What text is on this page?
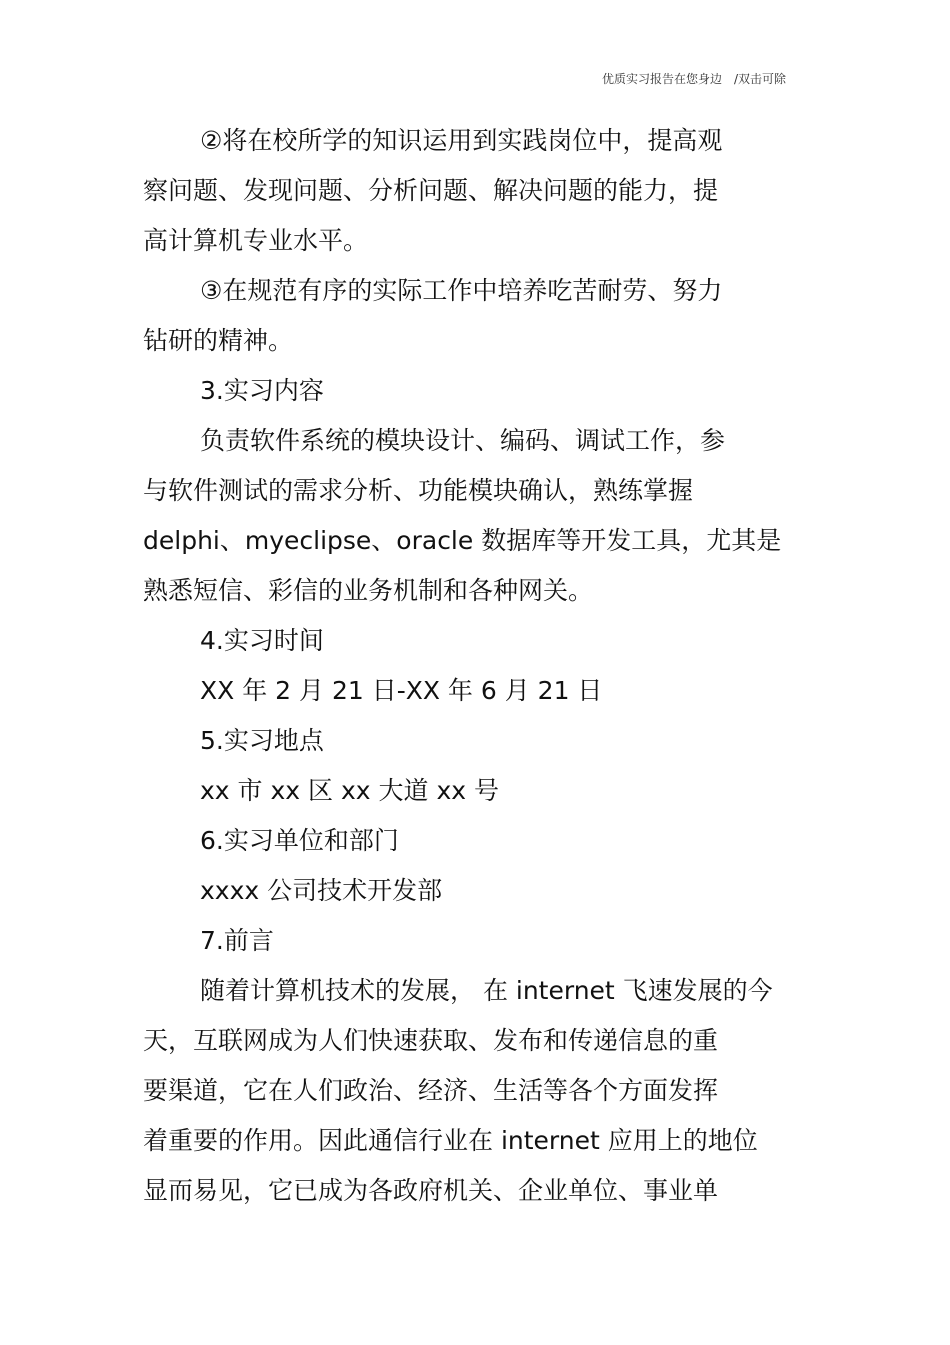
优质实习报告在您身边　/双击可除
②将在校所学的知识运用到实践岗位中，提高观
察问题、发现问题、分析问题、解决问题的能力，提
高计算机专业水平。
③在规范有序的实际工作中培养吃苦耐劳、努力
钻研的精神。
3.实习内容
负责软件系统的模块设计、编码、调试工作，参
与软件测试的需求分析、功能模块确认，熟练掌握
delphi、myeclipse、oracle 数据库等开发工具，尤其是
熟悉短信、彩信的业务机制和各种网关。
4.实习时间
XX 年 2 月 21 日-XX 年 6 月 21 日
5.实习地点
xx 市 xx 区 xx 大道 xx 号
6.实习单位和部门
xxxx 公司技术开发部
7.前言
随着计算机技术的发展， 在 internet 飞速发展的今
天，互联网成为人们快速获取、发布和传递信息的重
要渠道，它在人们政治、经济、生活等各个方面发挥
着重要的作用。因此通信行业在 internet 应用上的地位
显而易见，它已成为各政府机关、企业单位、事业单
